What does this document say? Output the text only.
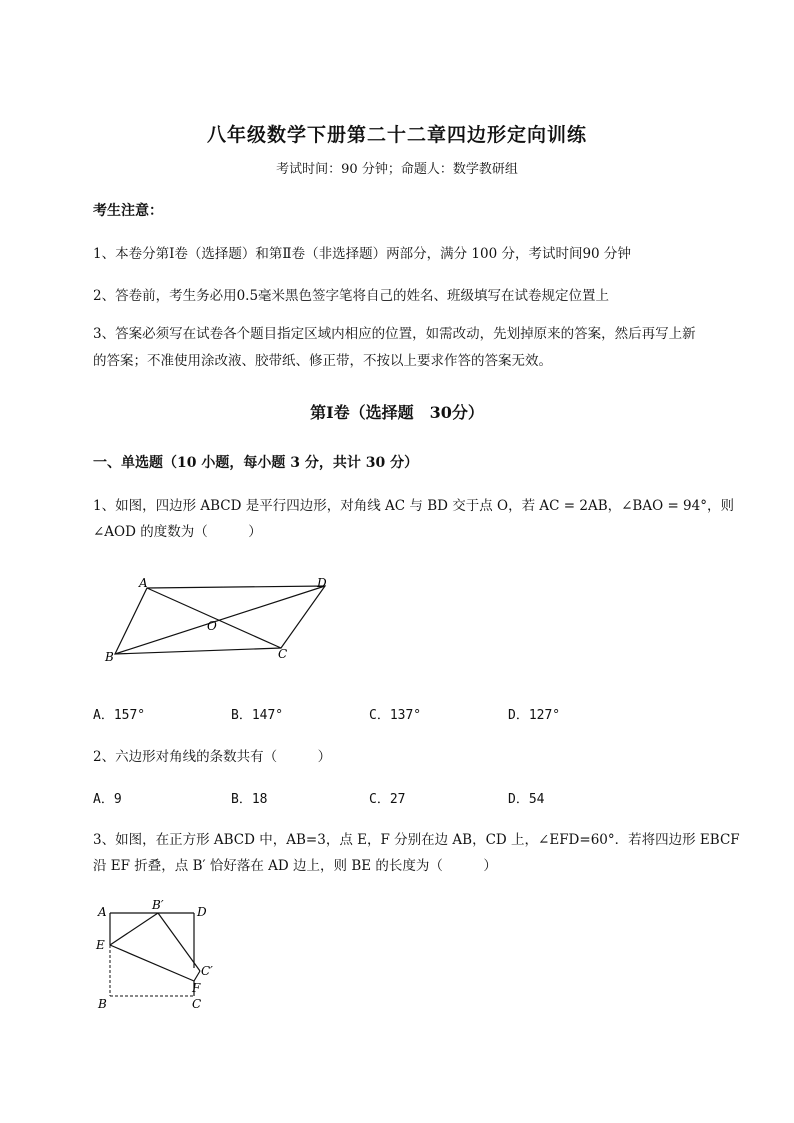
八年级数学下册第二十二章四边形定向训练
考试时间：90 分钟；命题人：数学教研组
考生注意：
1、本卷分第Ⅰ卷（选择题）和第Ⅱ卷（非选择题）两部分，满分 100 分，考试时间90 分钟
2、答卷前，考生务必用0.5毫米黑色签字笔将自己的姓名、班级填写在试卷规定位置上
3、答案必须写在试卷各个题目指定区域内相应的位置，如需改动，先划掉原来的答案，然后再写上新的答案；不准使用涂改液、胶带纸、修正带，不按以上要求作答的答案无效。
第Ⅰ卷（选择题　30分）
一、单选题（10 小题，每小题 3 分，共计 30 分）
1、如图，四边形 ABCD 是平行四边形，对角线 AC 与 BD 交于点 O，若 AC = 2AB，∠BAO = 94°，则
∠AOD 的度数为（　　　）
A	D
O
B	C
A．157°	B．147°	C．137°	D．127°
2、六边形对角线的条数共有（　　　）
A．9	B．18	C．27	D．54
3、如图，在正方形 ABCD 中，AB=3，点 E，F 分别在边 AB，CD 上，∠EFD=60°．若将四边形 EBCF
沿 EF 折叠，点 B′ 恰好落在 AD 边上，则 BE 的长度为（　　　）
A	B′	D
E
C′
F
B	C
